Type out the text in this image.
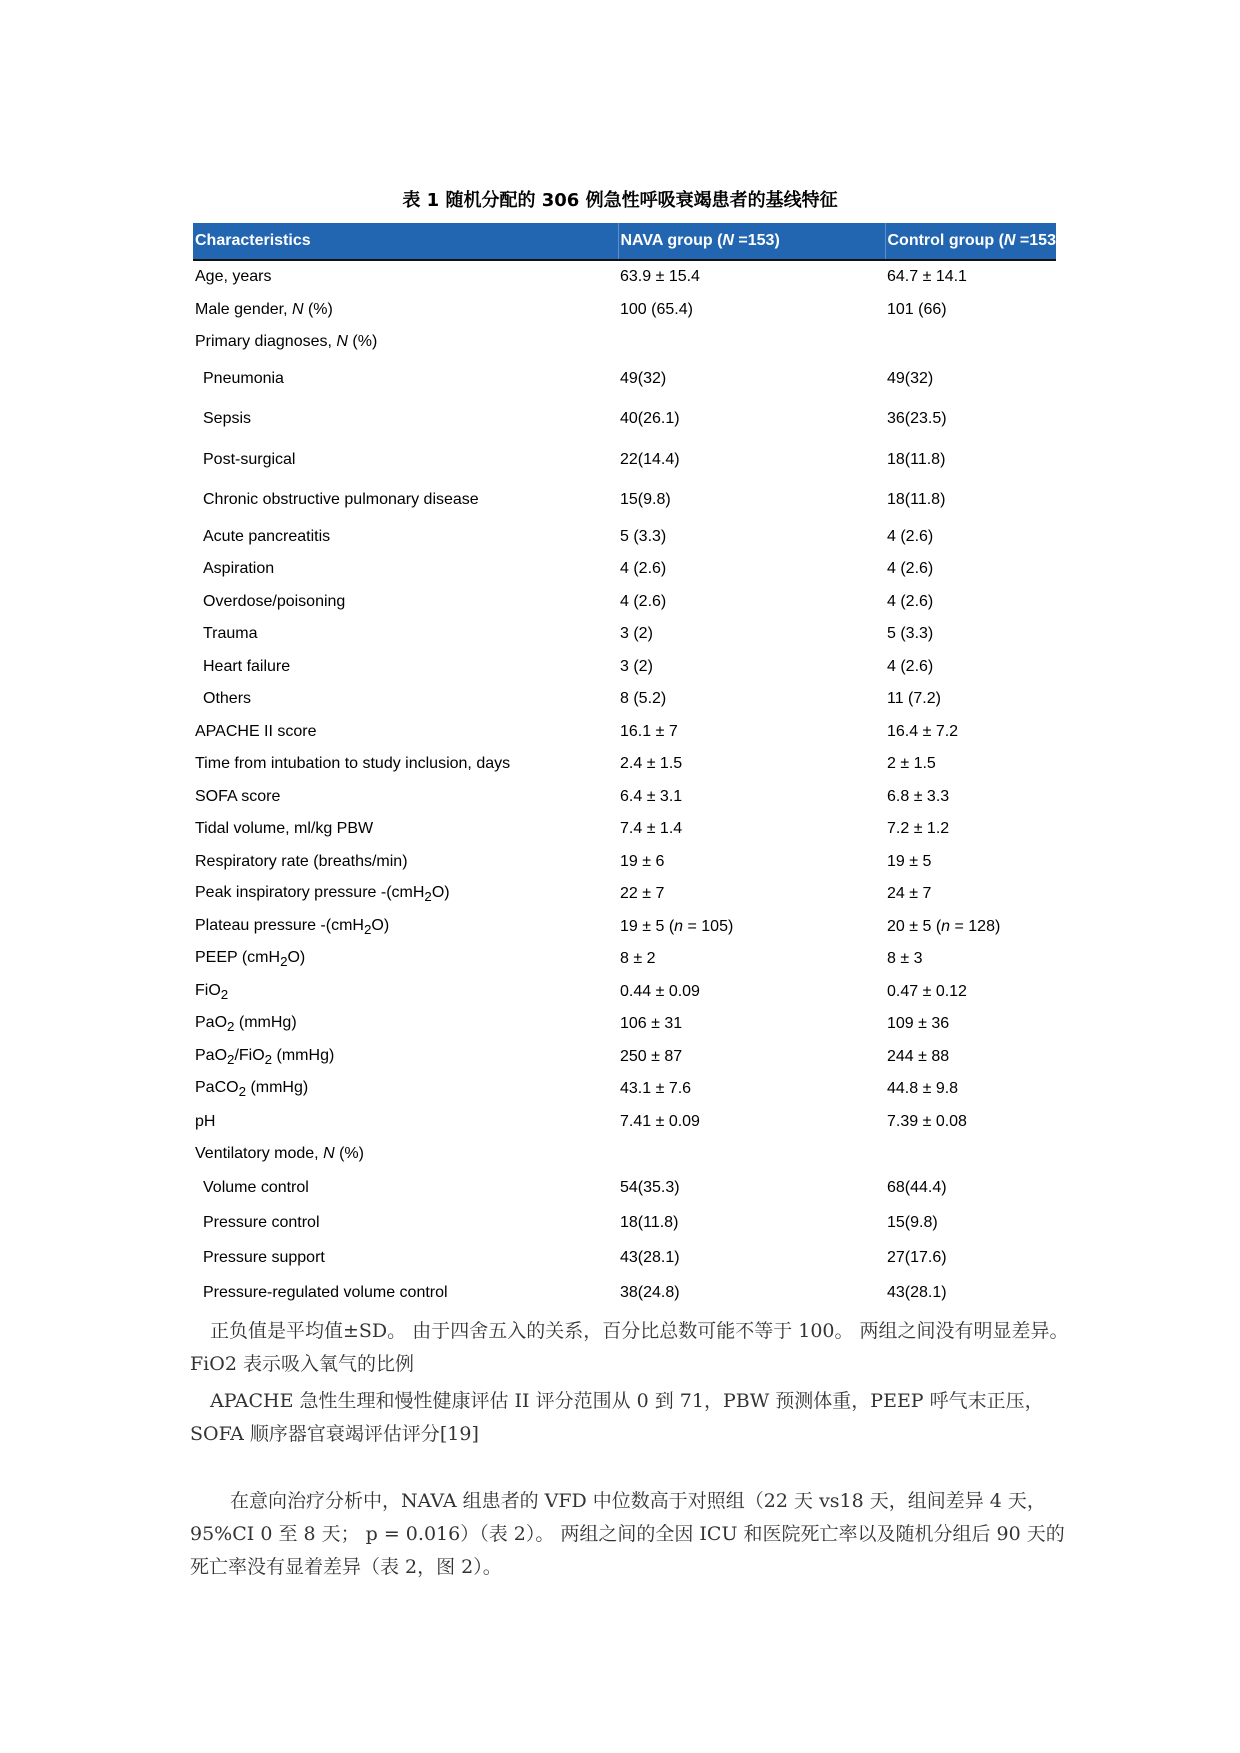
表 1 随机分配的 306 例急性呼吸衰竭患者的基线特征
Characteristics	NAVA group (N =153)	Control group (N =153)
Age, years	63.9 ± 15.4	64.7 ± 14.1
Male gender, N (%)	100 (65.4)	101 (66)
Primary diagnoses, N (%)		
Pneumonia	49(32)	49(32)
Sepsis	40(26.1)	36(23.5)
Post-surgical	22(14.4)	18(11.8)
Chronic obstructive pulmonary disease	15(9.8)	18(11.8)
Acute pancreatitis	5 (3.3)	4 (2.6)
Aspiration	4 (2.6)	4 (2.6)
Overdose/poisoning	4 (2.6)	4 (2.6)
Trauma	3 (2)	5 (3.3)
Heart failure	3 (2)	4 (2.6)
Others	8 (5.2)	11 (7.2)
APACHE II score	16.1 ± 7	16.4 ± 7.2
Time from intubation to study inclusion, days	2.4 ± 1.5	2 ± 1.5
SOFA score	6.4 ± 3.1	6.8 ± 3.3
Tidal volume, ml/kg PBW	7.4 ± 1.4	7.2 ± 1.2
Respiratory rate (breaths/min)	19 ± 6	19 ± 5
Peak inspiratory pressure -(cmH$_2$O)	22 ± 7	24 ± 7
Plateau pressure -(cmH$_2$O)	19 ± 5 (n = 105)	20 ± 5 (n = 128)
PEEP (cmH$_2$O)	8 ± 2	8 ± 3
FiO$_2$	0.44 ± 0.09	0.47 ± 0.12
PaO$_2$ (mmHg)	106 ± 31	109 ± 36
PaO$_2$/FiO$_2$ (mmHg)	250 ± 87	244 ± 88
PaCO$_2$ (mmHg)	43.1 ± 7.6	44.8 ± 9.8
pH	7.41 ± 0.09	7.39 ± 0.08
Ventilatory mode, N (%)		
Volume control	54(35.3)	68(44.4)
Pressure control	18(11.8)	15(9.8)
Pressure support	43(28.1)	27(17.6)
Pressure-regulated volume control	38(24.8)	43(28.1)

正负值是平均值±SD。 由于四舍五入的关系，百分比总数可能不等于 100。 两组之间没有明显差异。 FiO2 表示吸入氧气的比例

APACHE 急性生理和慢性健康评估 II 评分范围从 0 到 71，PBW 预测体重，PEEP 呼气末正压，SOFA 顺序器官衰竭评估评分[19]

在意向治疗分析中，NAVA 组患者的 VFD 中位数高于对照组（22 天 vs18 天，组间差异 4 天，95%CI 0 至 8 天； p = 0.016）（表 2）。 两组之间的全因 ICU 和医院死亡率以及随机分组后 90 天的死亡率没有显着差异（表 2，图 2）。
